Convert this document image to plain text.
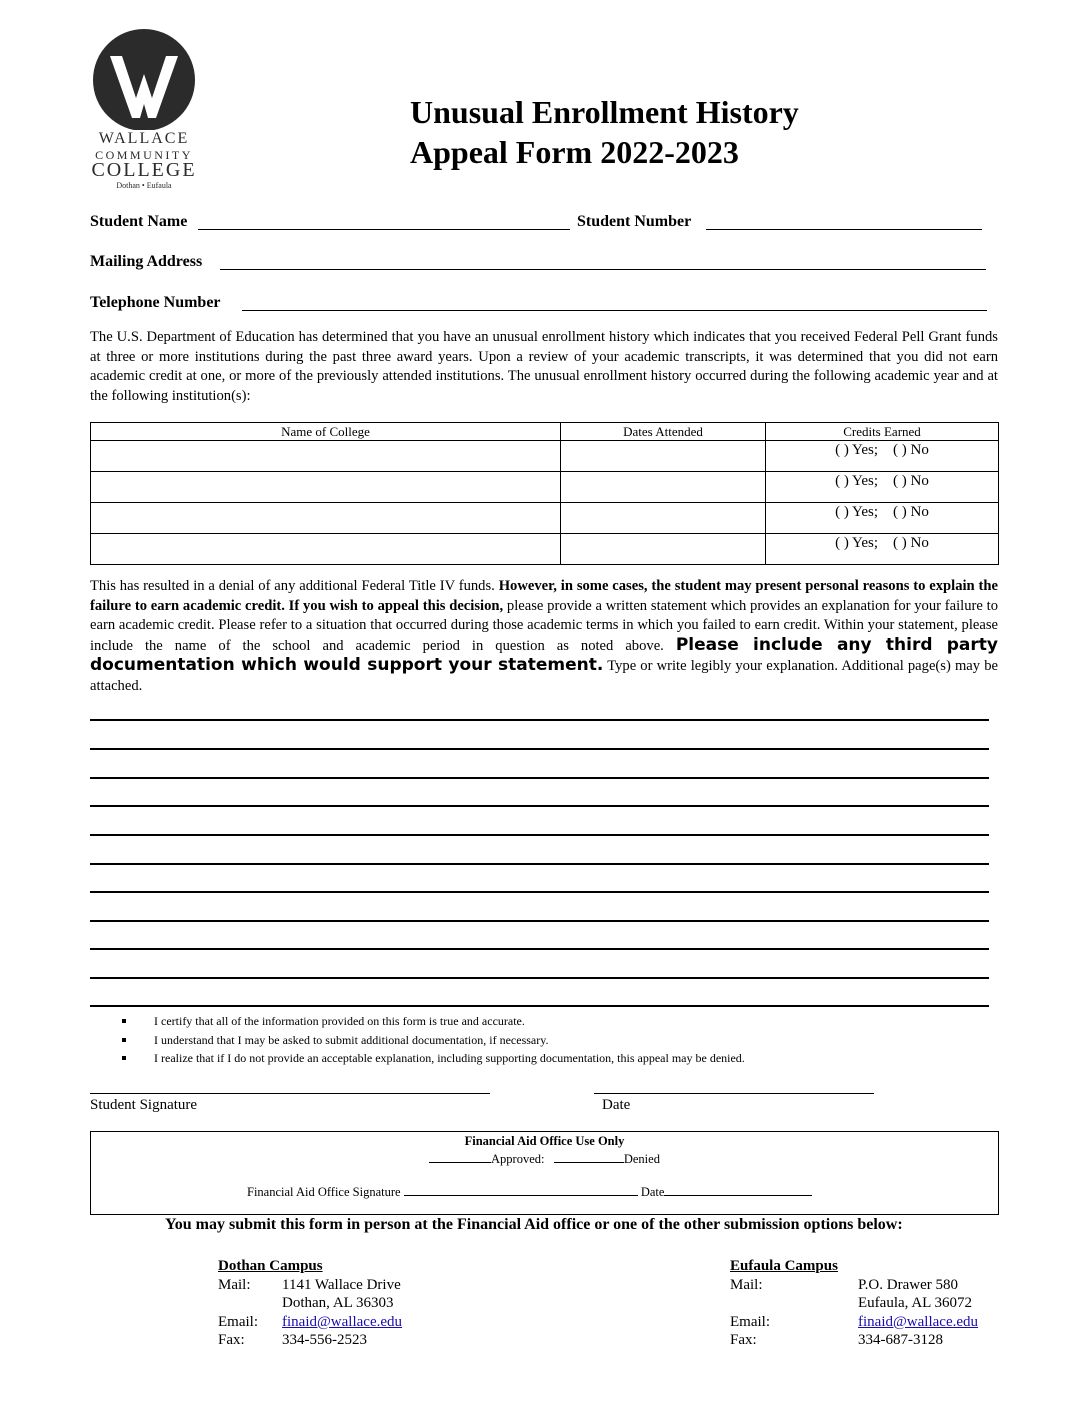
WALLACE
COMMUNITY
COLLEGE
Dothan • Eufaula
Unusual Enrollment History
Appeal Form 2022-2023
Student Name	Student Number
Mailing Address
Telephone Number
The U.S. Department of Education has determined that you have an unusual enrollment history which indicates that you received Federal Pell Grant funds at three or more institutions during the past three award years. Upon a review of your academic transcripts, it was determined that you did not earn academic credit at one, or more of the previously attended institutions. The unusual enrollment history occurred during the following academic year and at the following institution(s):
Name of College	Dates Attended	Credits Earned
		( ) Yes; ( ) No
		( ) Yes; ( ) No
		( ) Yes; ( ) No
		( ) Yes; ( ) No
This has resulted in a denial of any additional Federal Title IV funds. However, in some cases, the student may present personal reasons to explain the failure to earn academic credit. If you wish to appeal this decision, please provide a written statement which provides an explanation for your failure to earn academic credit. Please refer to a situation that occurred during those academic terms in which you failed to earn credit. Within your statement, please include the name of the school and academic period in question as noted above. Please include any third party documentation which would support your statement. Type or write legibly your explanation. Additional page(s) may be attached.
I certify that all of the information provided on this form is true and accurate.
I understand that I may be asked to submit additional documentation, if necessary.
I realize that if I do not provide an acceptable explanation, including supporting documentation, this appeal may be denied.
Student Signature	Date
Financial Aid Office Use Only
Approved:	Denied
Financial Aid Office Signature	Date
You may submit this form in person at the Financial Aid office or one of the other submission options below:
Dothan Campus
Mail: 1141 Wallace Drive
Dothan, AL 36303
Email: finaid@wallace.edu
Fax: 334-556-2523
Eufaula Campus
Mail:	P.O. Drawer 580
Eufaula, AL 36072
Email:	finaid@wallace.edu
Fax:	334-687-3128
